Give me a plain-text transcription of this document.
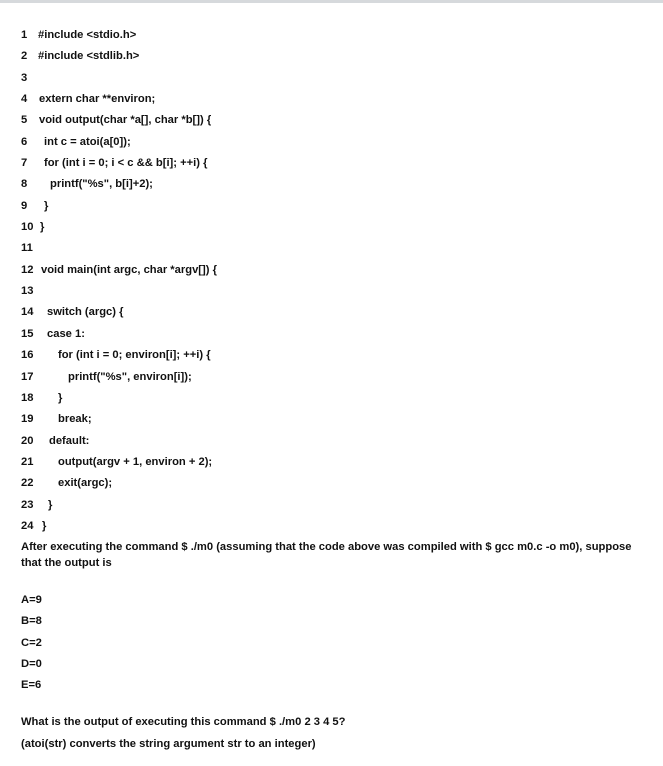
1 #include <stdio.h>
2 #include <stdlib.h>
3
4 extern char **environ;
5 void output(char *a[], char *b[]) {
6 int c = atoi(a[0]);
7 for (int i = 0; i < c && b[i]; ++i) {
8 printf("%s", b[i]+2);
9 }
10 }
11
12 void main(int argc, char *argv[]) {
13
14 switch (argc) {
15 case 1:
16 for (int i = 0; environ[i]; ++i) {
17	printf("%s", environ[i]);
18 }
19 break;
20 default:
21 output(argv + 1, environ + 2);
22 exit(argc);
23 }
24 }

After executing the command $ ./m0 (assuming that the code above was compiled with $ gcc m0.c -o m0), suppose that the output is

A=9
B=8
C=2
D=0
E=6

What is the output of executing this command $ ./m0 2 3 4 5?

(atoi(str) converts the string argument str to an integer)
